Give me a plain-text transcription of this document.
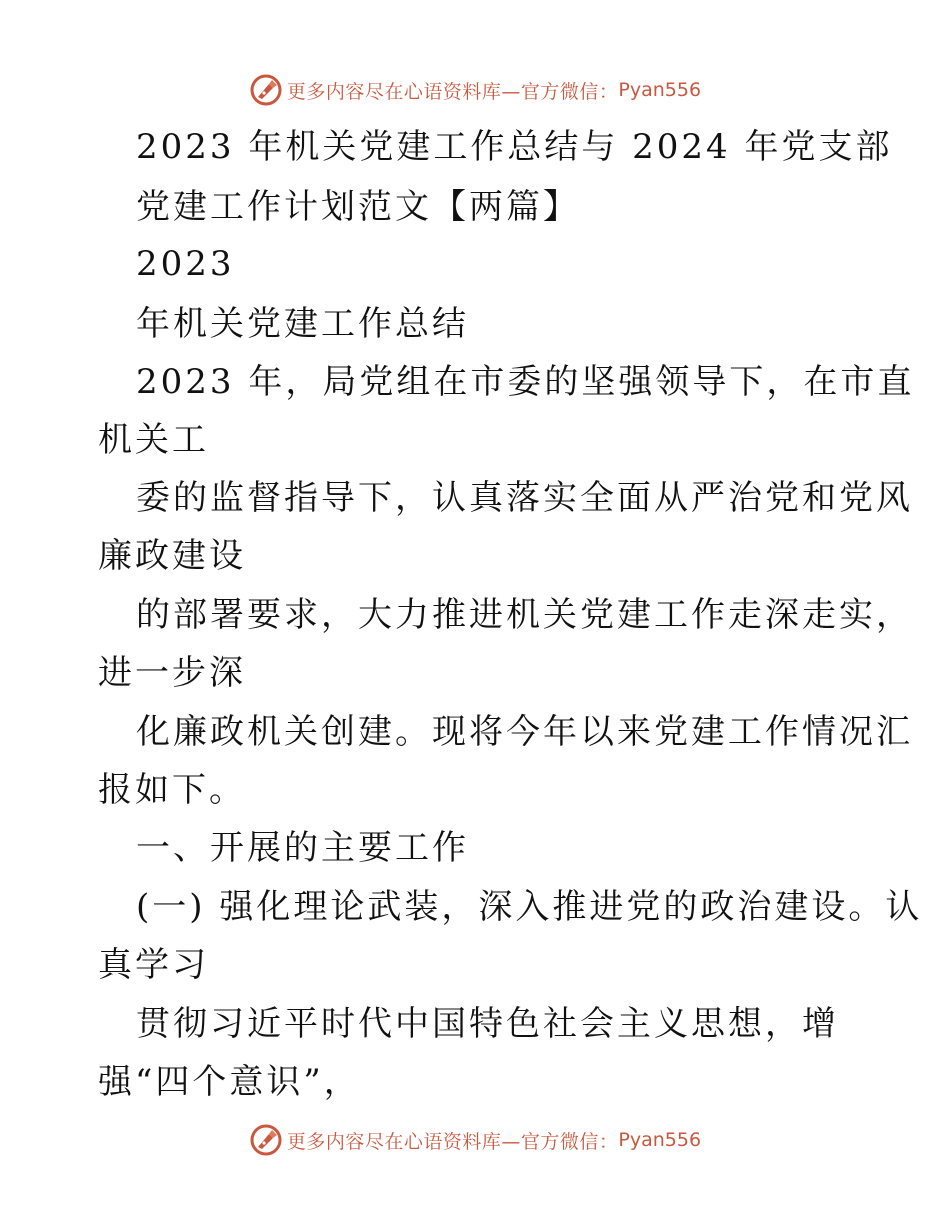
更多内容尽在心语资料库—官方微信： Pyan556
2023 年机关党建工作总结与 2024 年党支部
党建工作计划范文【两篇】
2023
年机关党建工作总结
2023 年，局党组在市委的坚强领导下，在市直
机关工
委的监督指导下，认真落实全面从严治党和党风
廉政建设
的部署要求，大力推进机关党建工作走深走实，
进一步深
化廉政机关创建。现将今年以来党建工作情况汇
报如下。
一、开展的主要工作
(一) 强化理论武装，深入推进党的政治建设。认
真学习
贯彻习近平时代中国特色社会主义思想，增
强“四个意识”，
更多内容尽在心语资料库—官方微信： Pyan556
